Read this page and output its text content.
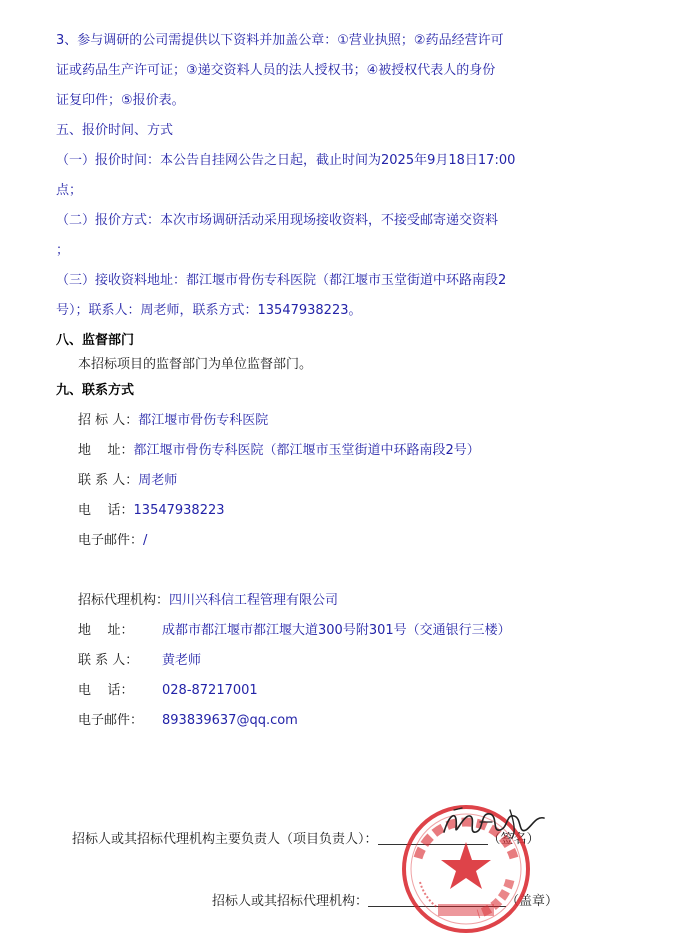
3、参与调研的公司需提供以下资料并加盖公章：①营业执照；②药品经营许可
证或药品生产许可证；③递交资料人员的法人授权书；④被授权代表人的身份
证复印件；⑤报价表。
五、报价时间、方式
（一）报价时间：本公告自挂网公告之日起，截止时间为2025年9月18日17:00
点；
（二）报价方式：本次市场调研活动采用现场接收资料，不接受邮寄递交资料
；
（三）接收资料地址：都江堰市骨伤专科医院（都江堰市玉堂街道中环路南段2
号）；联系人：周老师，联系方式：13547938223。
八、监督部门
本招标项目的监督部门为单位监督部门。
九、联系方式
招 标 人：都江堰市骨伤专科医院
地    址：都江堰市骨伤专科医院（都江堰市玉堂街道中环路南段2号）
联 系 人：周老师
电    话：13547938223
电子邮件：/
招标代理机构：四川兴科信工程管理有限公司
地    址： 成都市都江堰市都江堰大道300号附301号（交通银行三楼）
联 系 人： 黄老师
电    话： 028-87217001
电子邮件： 893839637@qq.com
招标人或其招标代理机构主要负责人（项目负责人）：	（签名）
招标人或其招标代理机构：	（盖章）
